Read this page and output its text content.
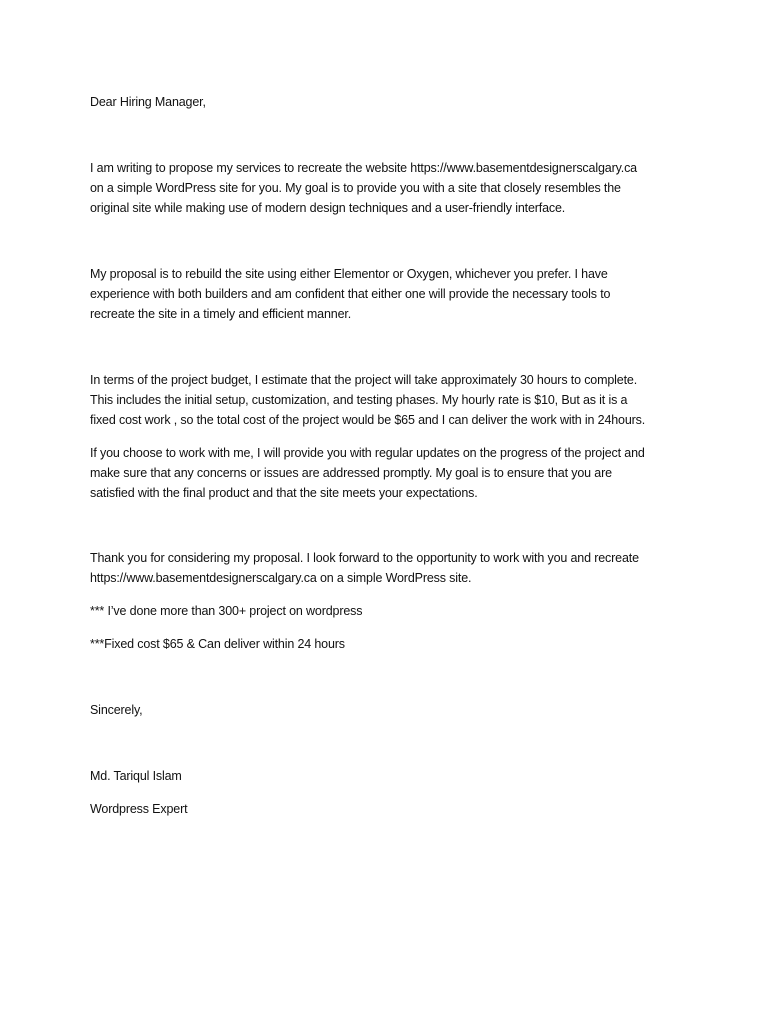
Dear Hiring Manager,
I am writing to propose my services to recreate the website https://www.basementdesignerscalgary.ca
on a simple WordPress site for you. My goal is to provide you with a site that closely resembles the
original site while making use of modern design techniques and a user-friendly interface.
My proposal is to rebuild the site using either Elementor or Oxygen, whichever you prefer. I have
experience with both builders and am confident that either one will provide the necessary tools to
recreate the site in a timely and efficient manner.
In terms of the project budget, I estimate that the project will take approximately 30 hours to complete.
This includes the initial setup, customization, and testing phases. My hourly rate is $10, But as it is a
fixed cost work , so the total cost of the project would be $65 and I can deliver the work with in 24hours.
If you choose to work with me, I will provide you with regular updates on the progress of the project and
make sure that any concerns or issues are addressed promptly. My goal is to ensure that you are
satisfied with the final product and that the site meets your expectations.
Thank you for considering my proposal. I look forward to the opportunity to work with you and recreate
https://www.basementdesignerscalgary.ca on a simple WordPress site.
*** I’ve done more than 300+ project on wordpress
***Fixed cost $65 & Can deliver within 24 hours
Sincerely,
Md. Tariqul Islam
Wordpress Expert
